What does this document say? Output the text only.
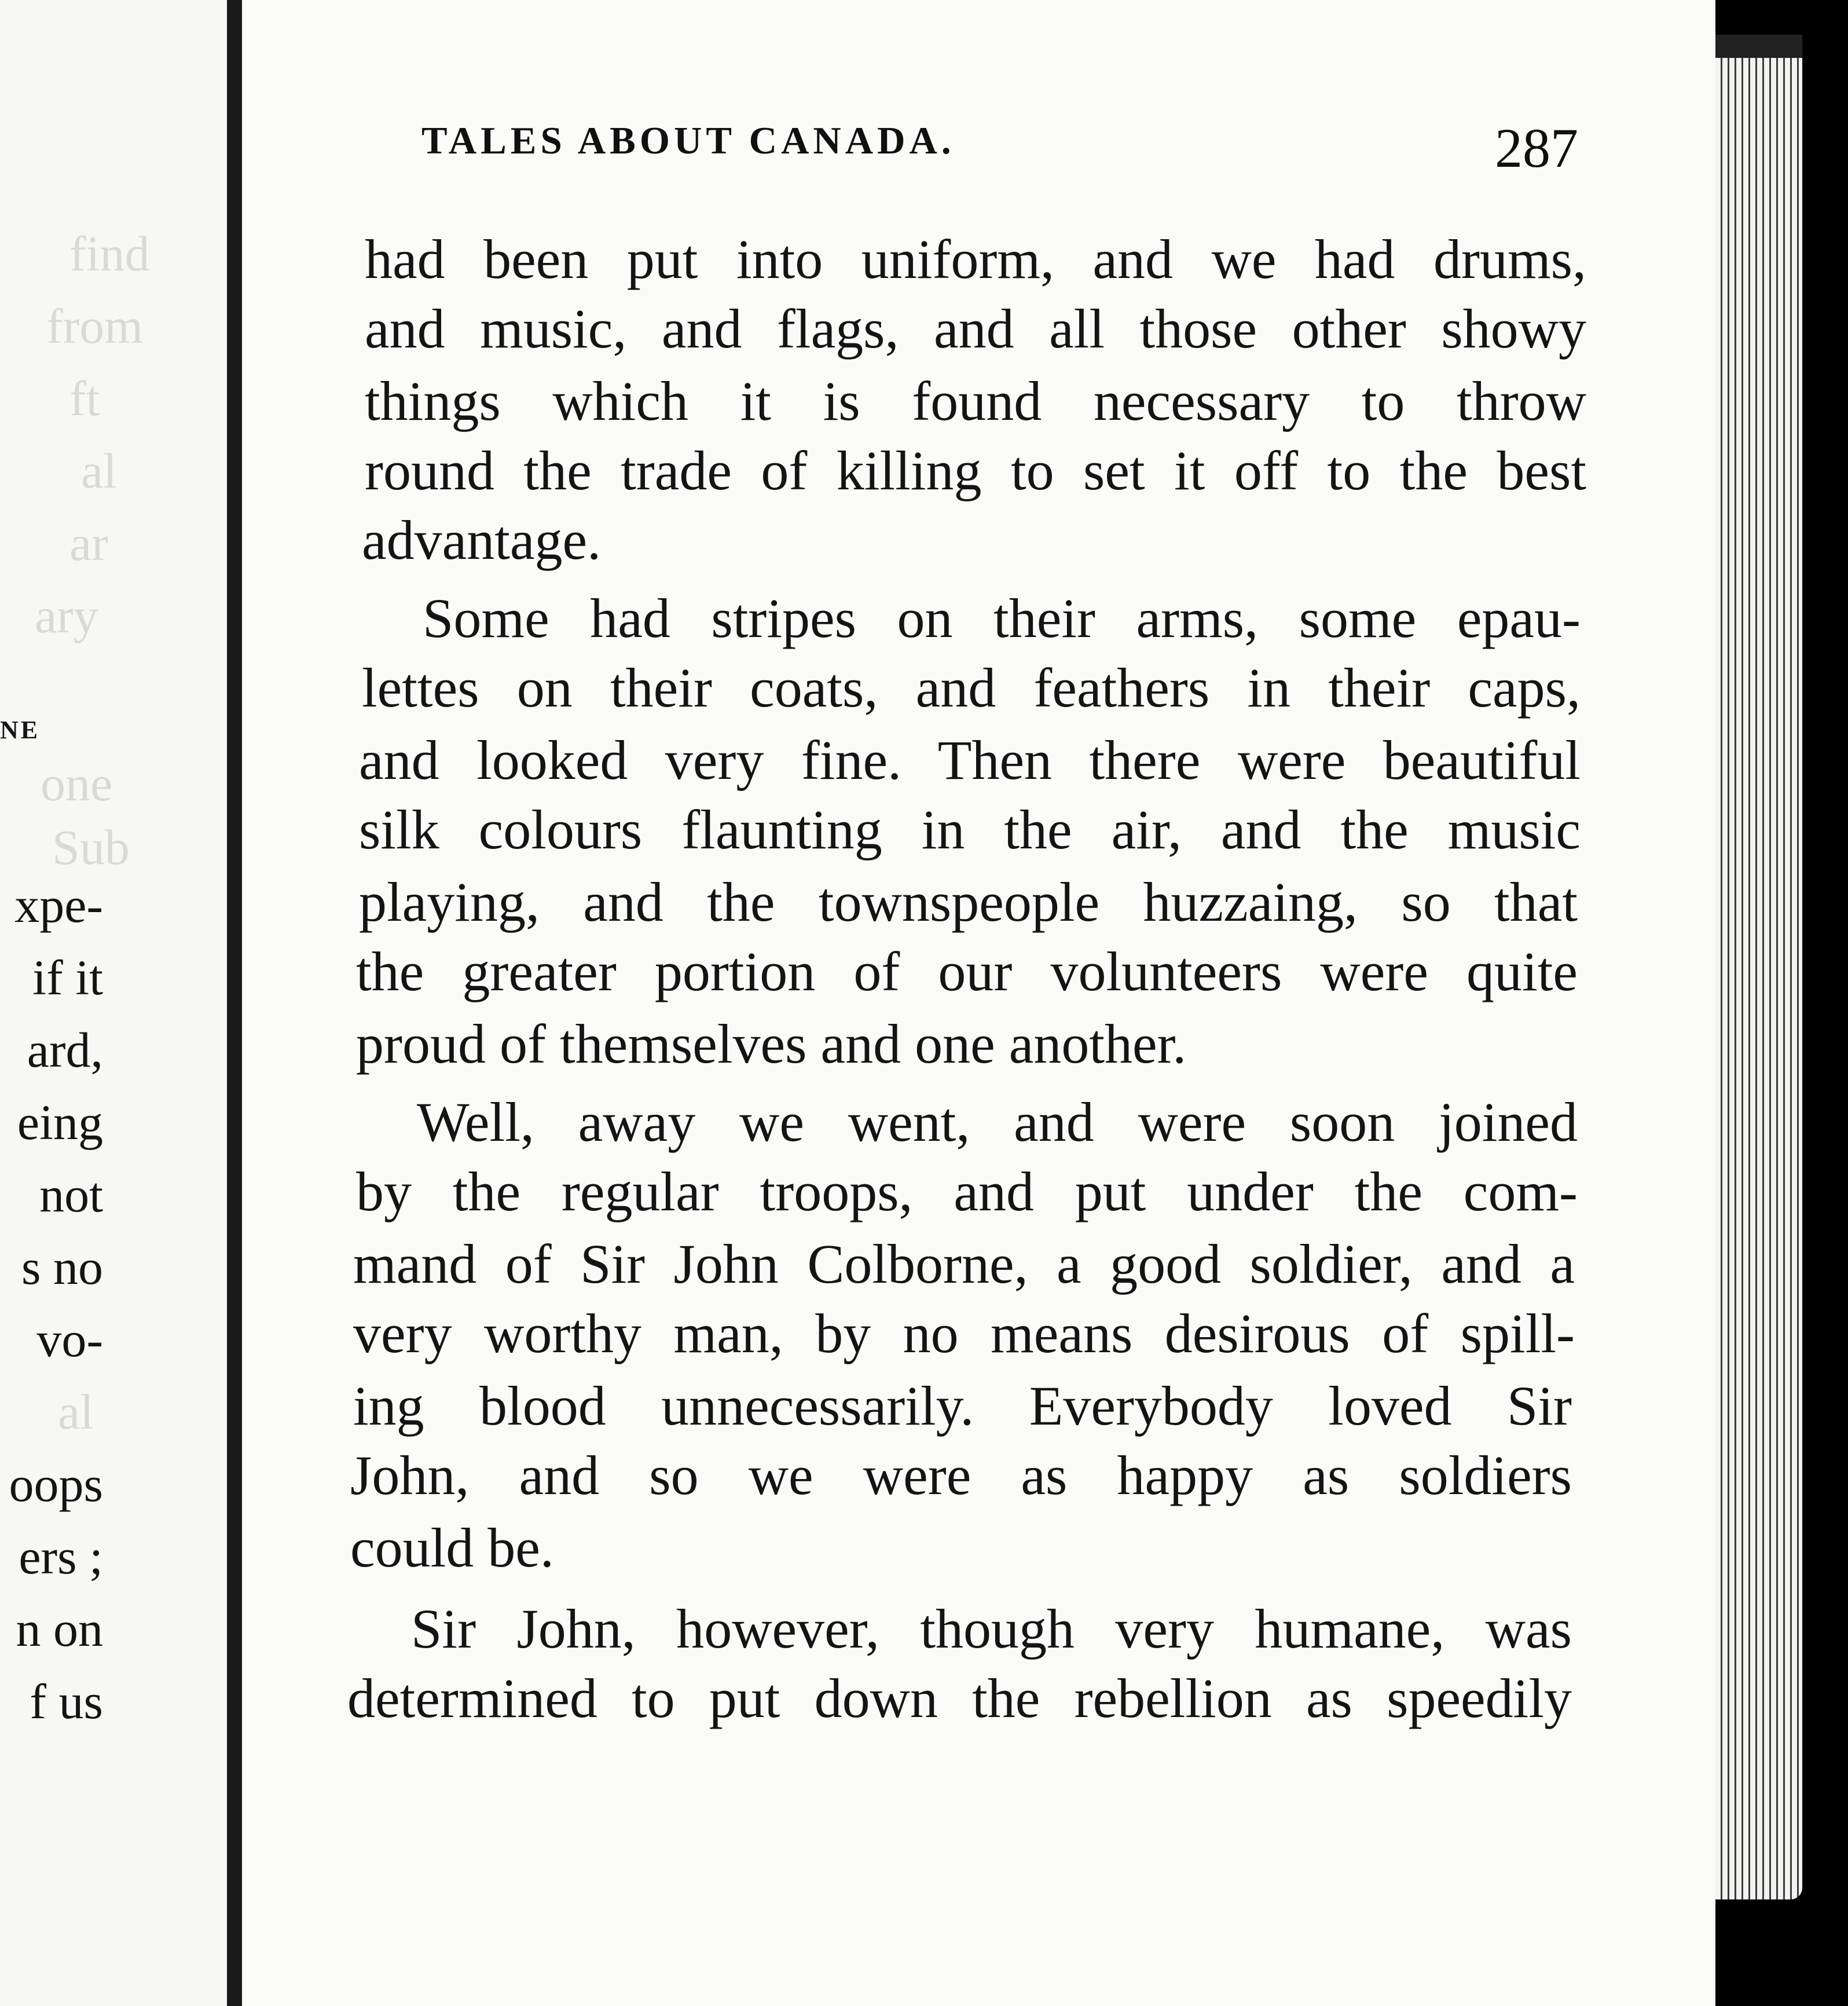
find
from
ft
al
ar
ary
NE
one
Sub
xpe-
if it
ard,
eing
not
s no
vo-
al
oops
ers ;
n on
f us
TALES ABOUT CANADA.	287
had been put into uniform, and we had drums,
and music, and flags, and all those other showy
things which it is found necessary to throw
round the trade of killing to set it off to the best
advantage.
Some had stripes on their arms, some epau-
lettes on their coats, and feathers in their caps,
and looked very fine. Then there were beautiful
silk colours flaunting in the air, and the music
playing, and the townspeople huzzaing, so that
the greater portion of our volunteers were quite
proud of themselves and one another.
Well, away we went, and were soon joined
by the regular troops, and put under the com-
mand of Sir John Colborne, a good soldier, and a
very worthy man, by no means desirous of spill-
ing blood unnecessarily. Everybody loved Sir
John, and so we were as happy as soldiers
could be.
Sir John, however, though very humane, was
determined to put down the rebellion as speedily
